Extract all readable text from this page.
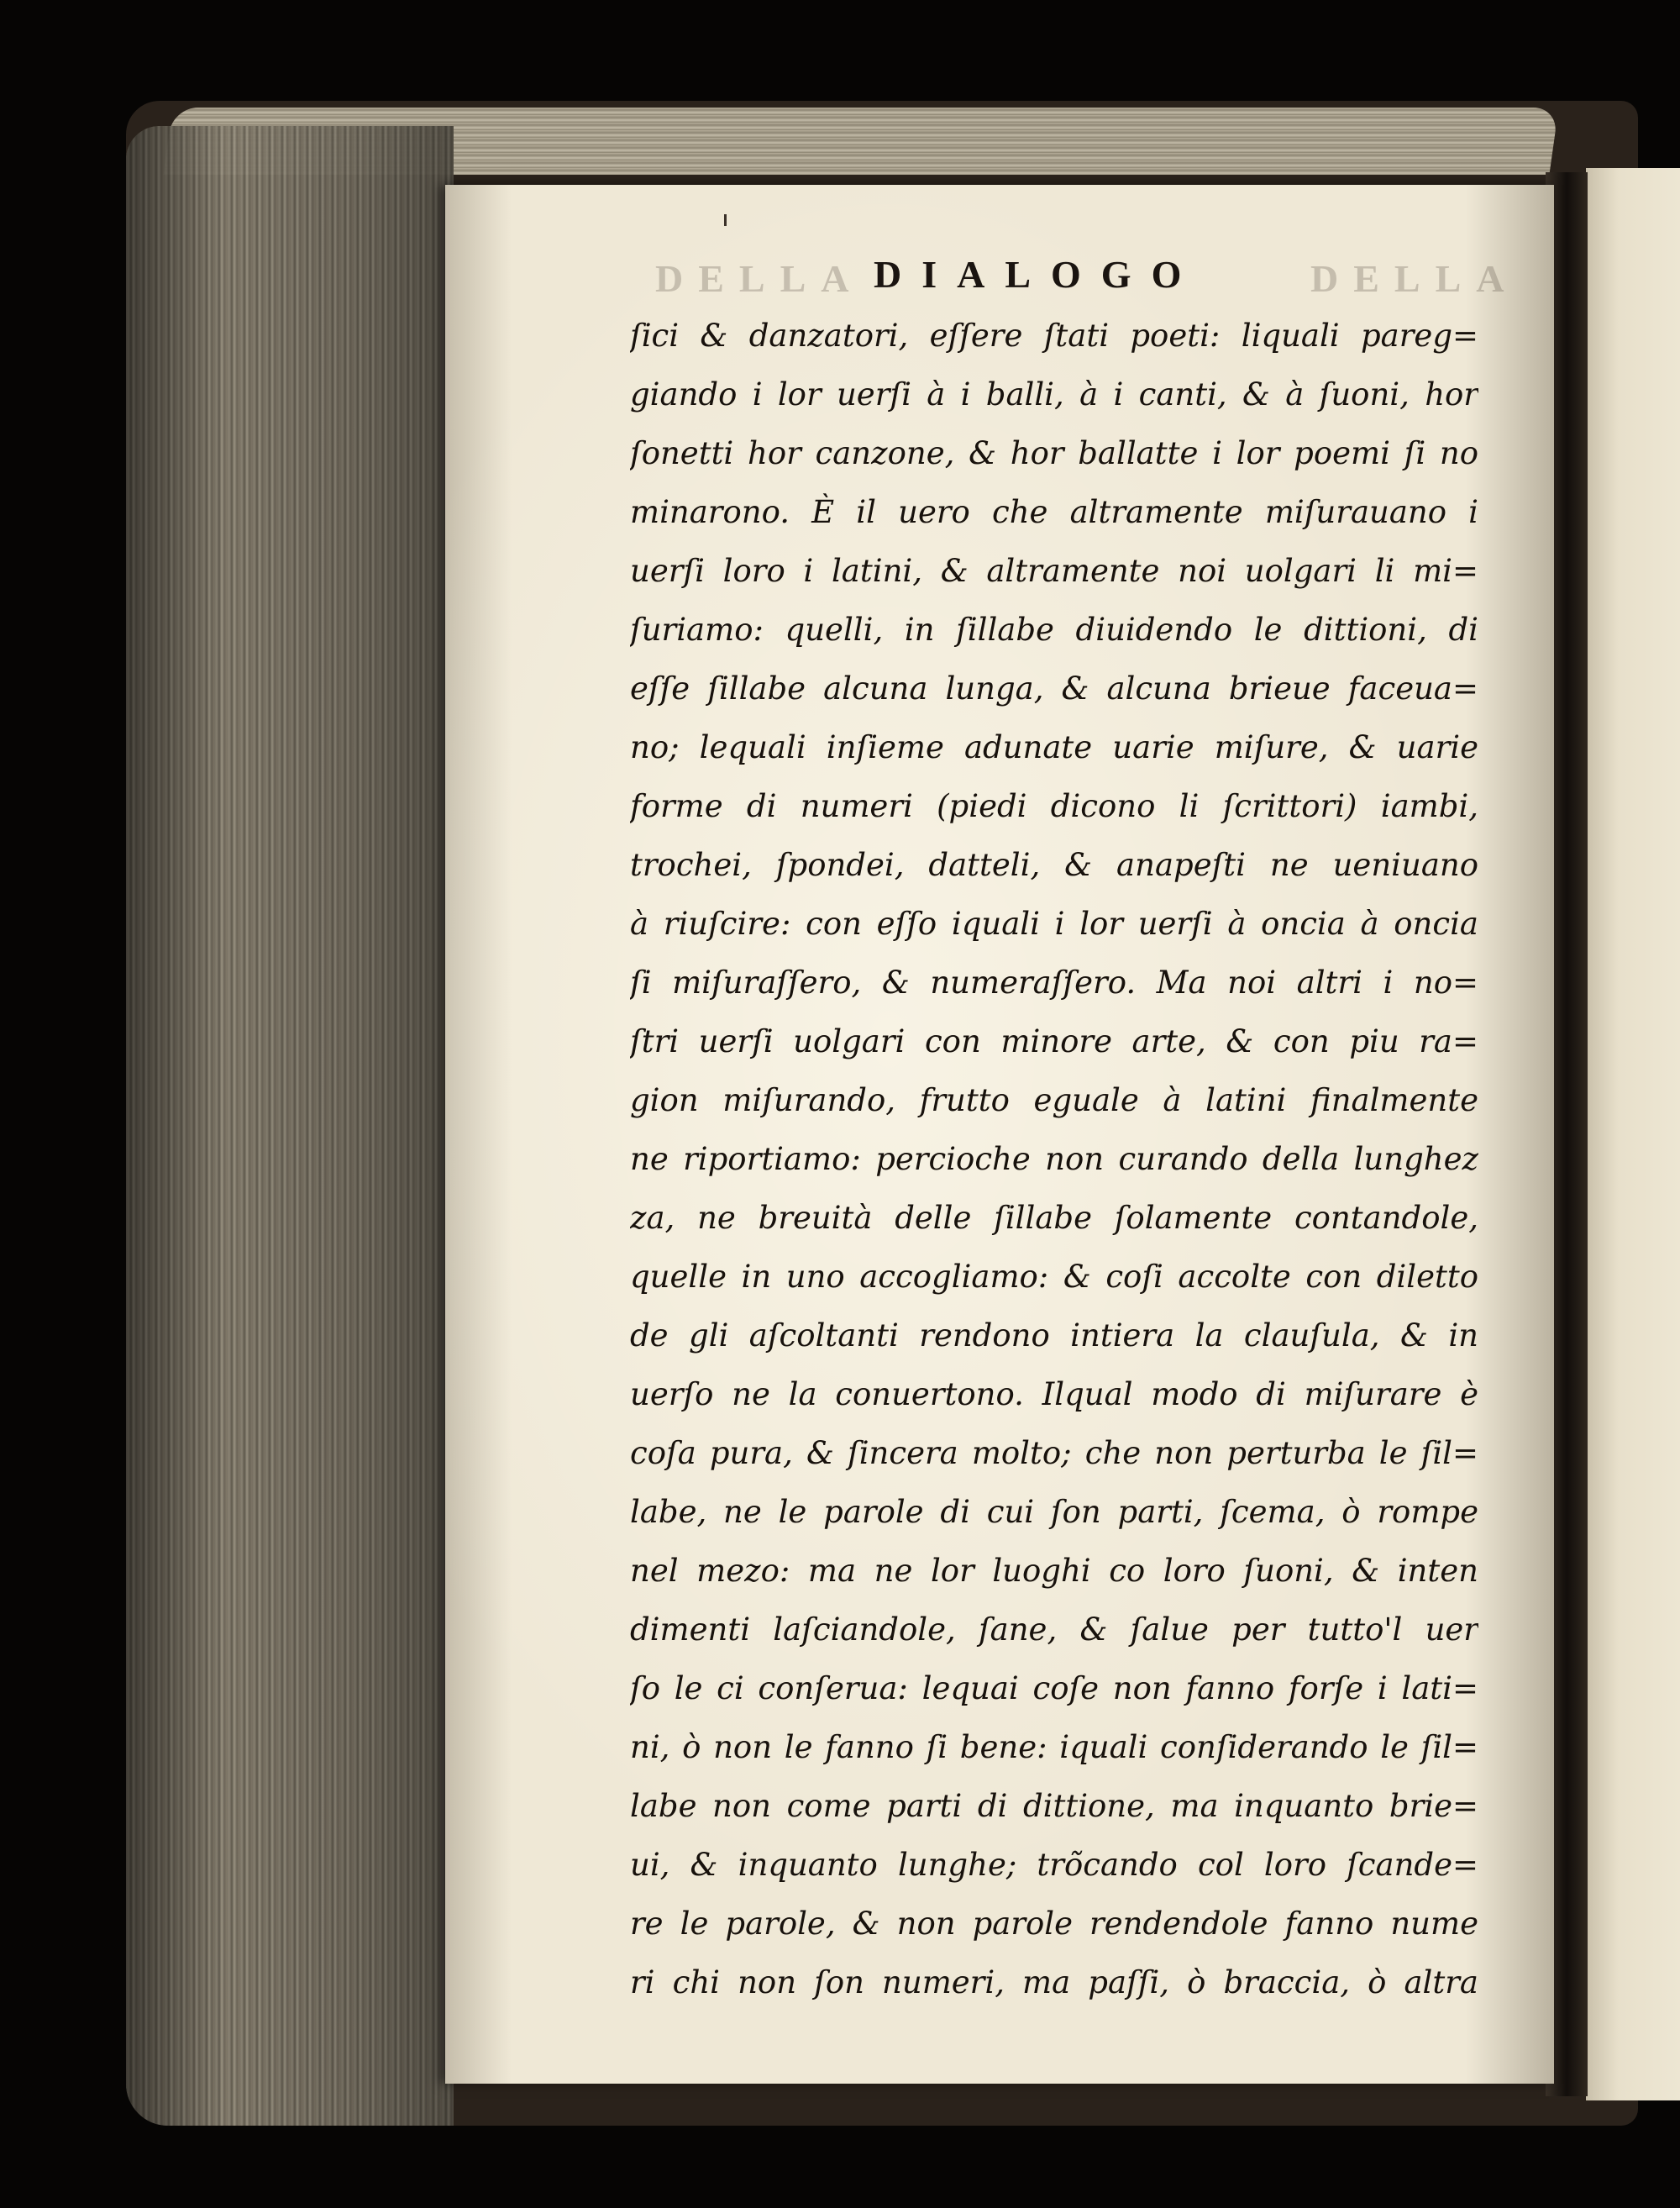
DELLA	DELLA
DIALOGO
ſici & danzatori, eſſere ſtati poeti: liquali pareg=
giando i lor uerſi à i balli, à i canti, & à ſuoni, hor
ſonetti hor canzone, & hor ballatte i lor poemi ſi no
minarono. È il uero che altramente miſurauano i
uerſi loro i latini, & altramente noi uolgari li mi=
ſuriamo: quelli, in ſillabe diuidendo le dittioni, di
eſſe ſillabe alcuna lunga, & alcuna brieue faceua=
no; lequali inſieme adunate uarie miſure, & uarie
forme di numeri (piedi dicono li ſcrittori) iambi,
trochei, ſpondei, datteli, & anapeſti ne ueniuano
à riuſcire: con eſſo iquali i lor uerſi à oncia à oncia
ſi miſuraſſero, & numeraſſero. Ma noi altri i no=
ſtri uerſi uolgari con minore arte, & con piu ra=
gion miſurando, frutto eguale à latini finalmente
ne riportiamo: percioche non curando della lunghez
za, ne breuità delle ſillabe ſolamente contandole,
quelle in uno accogliamo: & coſi accolte con diletto
de gli aſcoltanti rendono intiera la clauſula, & in
uerſo ne la conuertono. Ilqual modo di miſurare è
coſa pura, & ſincera molto; che non perturba le ſil=
labe, ne le parole di cui ſon parti, ſcema, ò rompe
nel mezo: ma ne lor luoghi co loro ſuoni, & inten
dimenti laſciandole, ſane, & ſalue per tutto'l uer
ſo le ci conſerua: lequai coſe non fanno forſe i lati=
ni, ò non le fanno ſi bene: iquali conſiderando le ſil=
labe non come parti di dittione, ma inquanto brie=
ui, & inquanto lunghe; trõcando col loro ſcande=
re le parole, & non parole rendendole fanno nume
ri chi non ſon numeri, ma paſſi, ò braccia, ò altra
